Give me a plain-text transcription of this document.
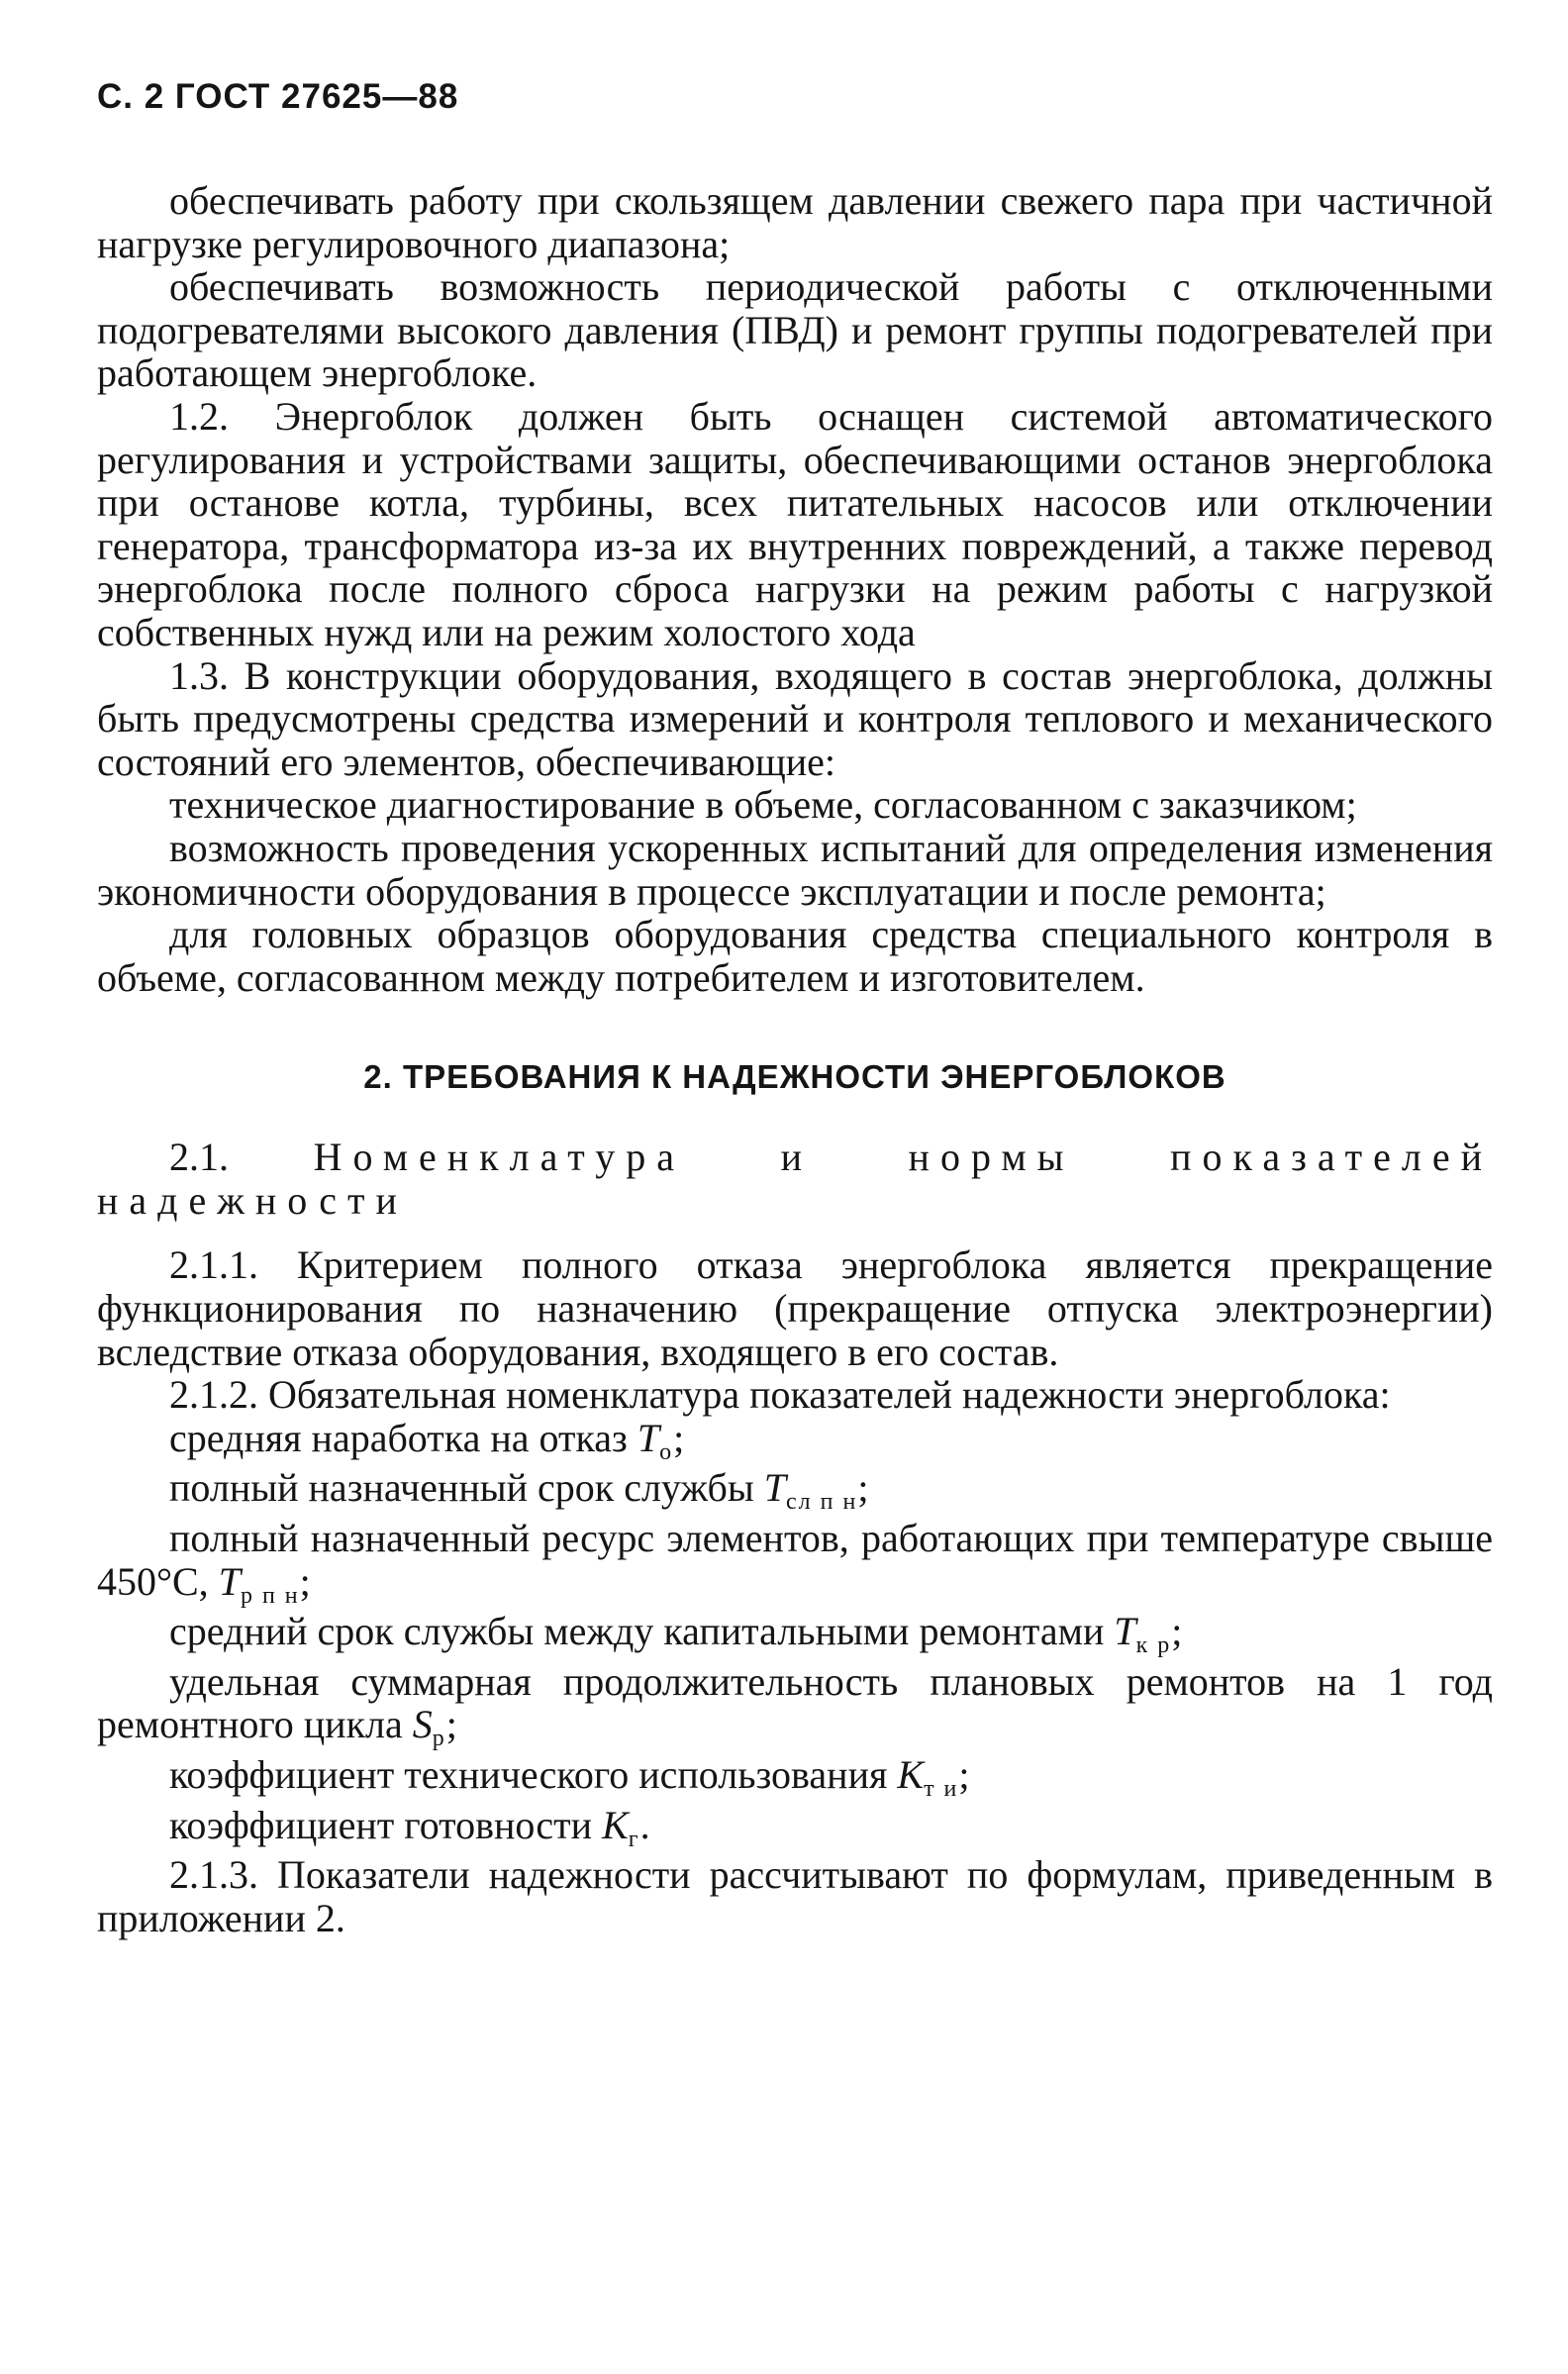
С. 2 ГОСТ 27625—88

обеспечивать работу при скользящем давлении свежего пара при частичной нагрузке регулировочного диапазона;

обеспечивать возможность периодической работы с отключенными подогревателями высокого давления (ПВД) и ремонт группы подогревателей при работающем энергоблоке.

1.2. Энергоблок должен быть оснащен системой автоматического регулирования и устройствами защиты, обеспечивающими останов энергоблока при останове котла, турбины, всех питательных насосов или отключении генератора, трансформатора из-за их внутренних повреждений, а также перевод энергоблока после полного сброса нагрузки на режим работы с нагрузкой собственных нужд или на режим холостого хода

1.3. В конструкции оборудования, входящего в состав энергоблока, должны быть предусмотрены средства измерений и контроля теплового и механического состояний его элементов, обеспечивающие:

техническое диагностирование в объеме, согласованном с заказчиком;

возможность проведения ускоренных испытаний для определения изменения экономичности оборудования в процессе эксплуатации и после ремонта;

для головных образцов оборудования средства специального контроля в объеме, согласованном между потребителем и изготовителем.

2. ТРЕБОВАНИЯ К НАДЕЖНОСТИ ЭНЕРГОБЛОКОВ

2.1. Номенклатура и нормы показателей надежности

2.1.1. Критерием полного отказа энергоблока является прекращение функционирования по назначению (прекращение отпуска электроэнергии) вследствие отказа оборудования, входящего в его состав.

2.1.2. Обязательная номенклатура показателей надежности энергоблока:

средняя наработка на отказ $T_о$;

полный назначенный срок службы $T_{сл п н}$;

полный назначенный ресурс элементов, работающих при температуре свыше 450°С, $T_{р п н}$;

средний срок службы между капитальными ремонтами $T_{к р}$;

удельная суммарная продолжительность плановых ремонтов на 1 год ремонтного цикла $S_р$;

коэффициент технического использования $K_{т и}$;

коэффициент готовности $K_г$.

2.1.3. Показатели надежности рассчитывают по формулам, приведенным в приложении 2.
